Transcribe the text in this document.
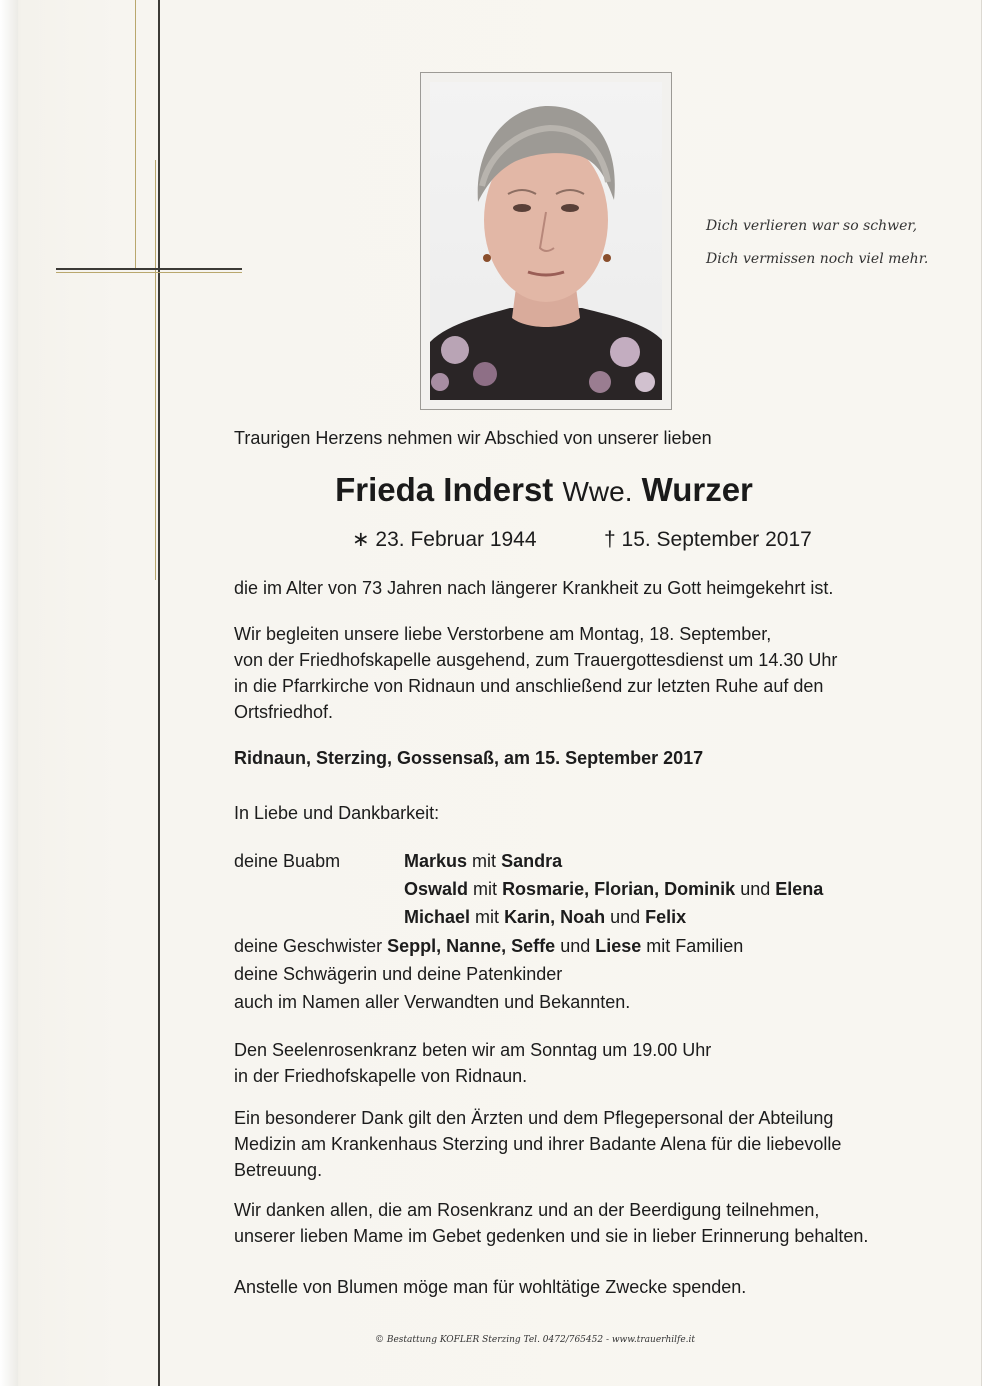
Dich verlieren war so schwer,
Dich vermissen noch viel mehr.
Traurigen Herzens nehmen wir Abschied von unserer lieben
Frieda Inderst Wwe. Wurzer
∗ 23. Februar 1944	† 15. September 2017
die im Alter von 73 Jahren nach längerer Krankheit zu Gott heimgekehrt ist.
Wir begleiten unsere liebe Verstorbene am Montag, 18. September,
von der Friedhofskapelle ausgehend, zum Trauergottesdienst um 14.30 Uhr
in die Pfarrkirche von Ridnaun und anschließend zur letzten Ruhe auf den
Ortsfriedhof.
Ridnaun, Sterzing, Gossensaß, am 15. September 2017
In Liebe und Dankbarkeit:
deine Buabm	Markus mit Sandra
Oswald mit Rosmarie, Florian, Dominik und Elena
Michael mit Karin, Noah und Felix
deine Geschwister Seppl, Nanne, Seffe und Liese mit Familien
deine Schwägerin und deine Patenkinder
auch im Namen aller Verwandten und Bekannten.
Den Seelenrosenkranz beten wir am Sonntag um 19.00 Uhr
in der Friedhofskapelle von Ridnaun.
Ein besonderer Dank gilt den Ärzten und dem Pflegepersonal der Abteilung
Medizin am Krankenhaus Sterzing und ihrer Badante Alena für die liebevolle
Betreuung.
Wir danken allen, die am Rosenkranz und an der Beerdigung teilnehmen,
unserer lieben Mame im Gebet gedenken und sie in lieber Erinnerung behalten.
Anstelle von Blumen möge man für wohltätige Zwecke spenden.
© Bestattung KOFLER Sterzing Tel. 0472/765452 - www.trauerhilfe.it
